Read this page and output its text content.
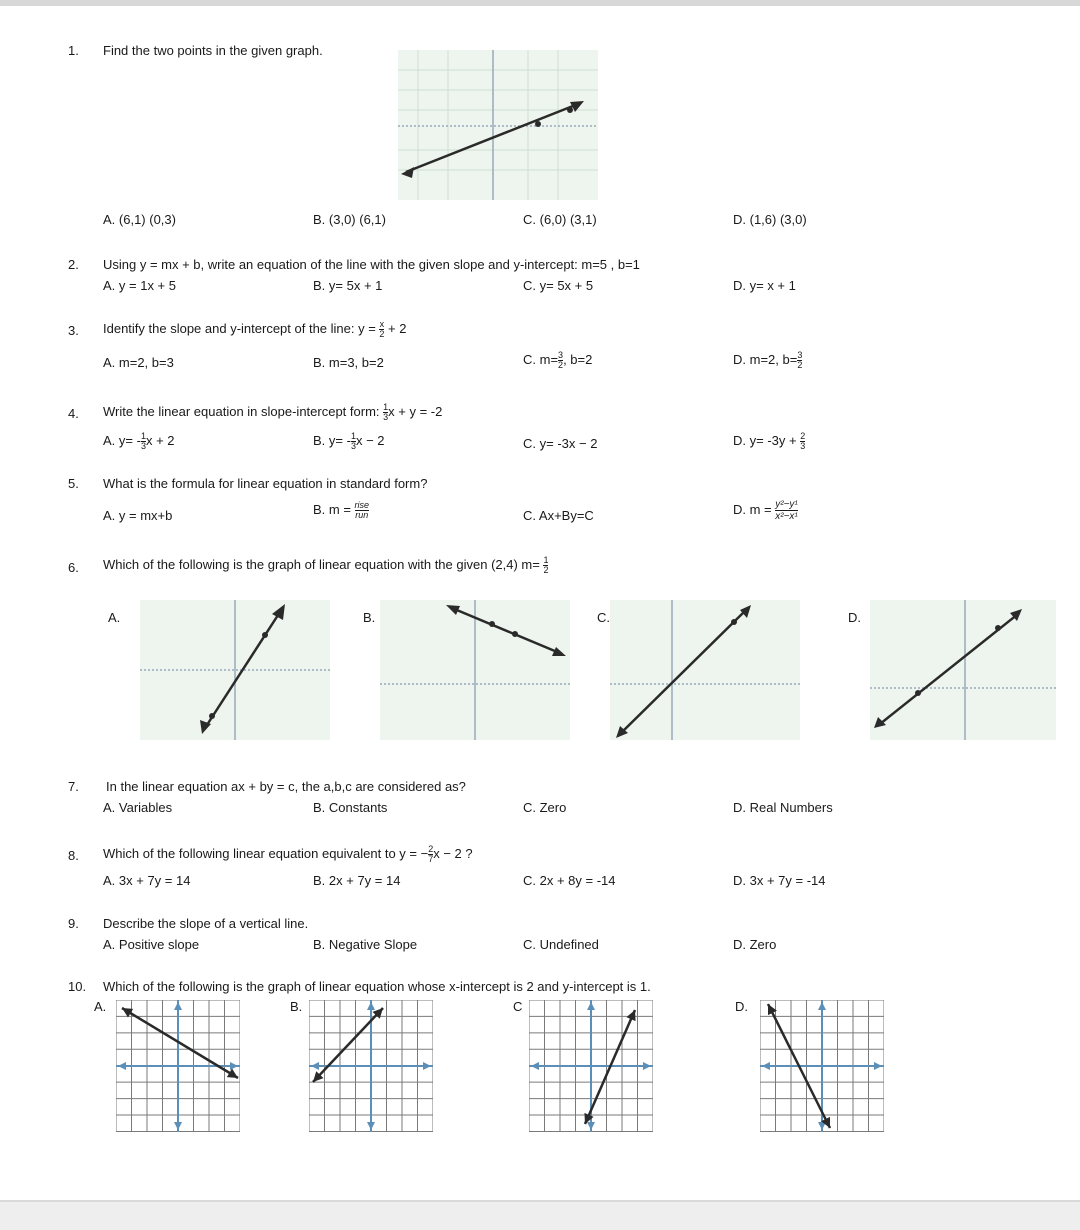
1. Find the two points in the given graph.
A. (6,1) (0,3)	B. (3,0) (6,1)	C. (6,0) (3,1)	D. (1,6) (3,0)
2. Using y = mx + b, write an equation of the line with the given slope and y-intercept: m=5 , b=1
A. y = 1x + 5	B. y= 5x + 1	C. y= 5x + 5	D. y= x + 1
3. Identify the slope and y-intercept of the line: $y = \frac{x}{2} + 2$
A. m=2, b=3	B. m=3, b=2	C. $m= \frac{3}{2}$ , b=2	D. m=2, $b= \frac{3}{2}$
4. Write the linear equation in slope-intercept form: $\frac{1}{3}$ x + y = -2
A. $y= - \frac{1}{3}$ x + 2	B. $y= - \frac{1}{3}$ x − 2	C. y= -3x − 2	D. $y= -3y + \frac{2}{3}$
5. What is the formula for linear equation in standard form?
A. y = mx+b	B. $m = \frac{\text{rise}}{\text{run}}$	C. Ax+By=C	D. $m = \frac{\text{y²−y¹}}{\text{x²−x¹}}$
6. Which of the following is the graph of linear equation with the given (2,4) $m= \frac{1}{2}$
A.	B.	C.	D.
7. In the linear equation ax + by = c, the a,b,c are considered as?
A. Variables	B. Constants	C. Zero	D. Real Numbers
8. Which of the following linear equation equivalent to y = − $\frac{2}{7}$ x − 2 ?
A. 3x + 7y = 14	B. 2x + 7y = 14	C. 2x + 8y = -14	D. 3x + 7y = -14
9. Describe the slope of a vertical line.
A. Positive slope	B. Negative Slope	C. Undefined	D. Zero
10. Which of the following is the graph of linear equation whose x-intercept is 2 and y-intercept is 1.
A.	B.	C	D.
